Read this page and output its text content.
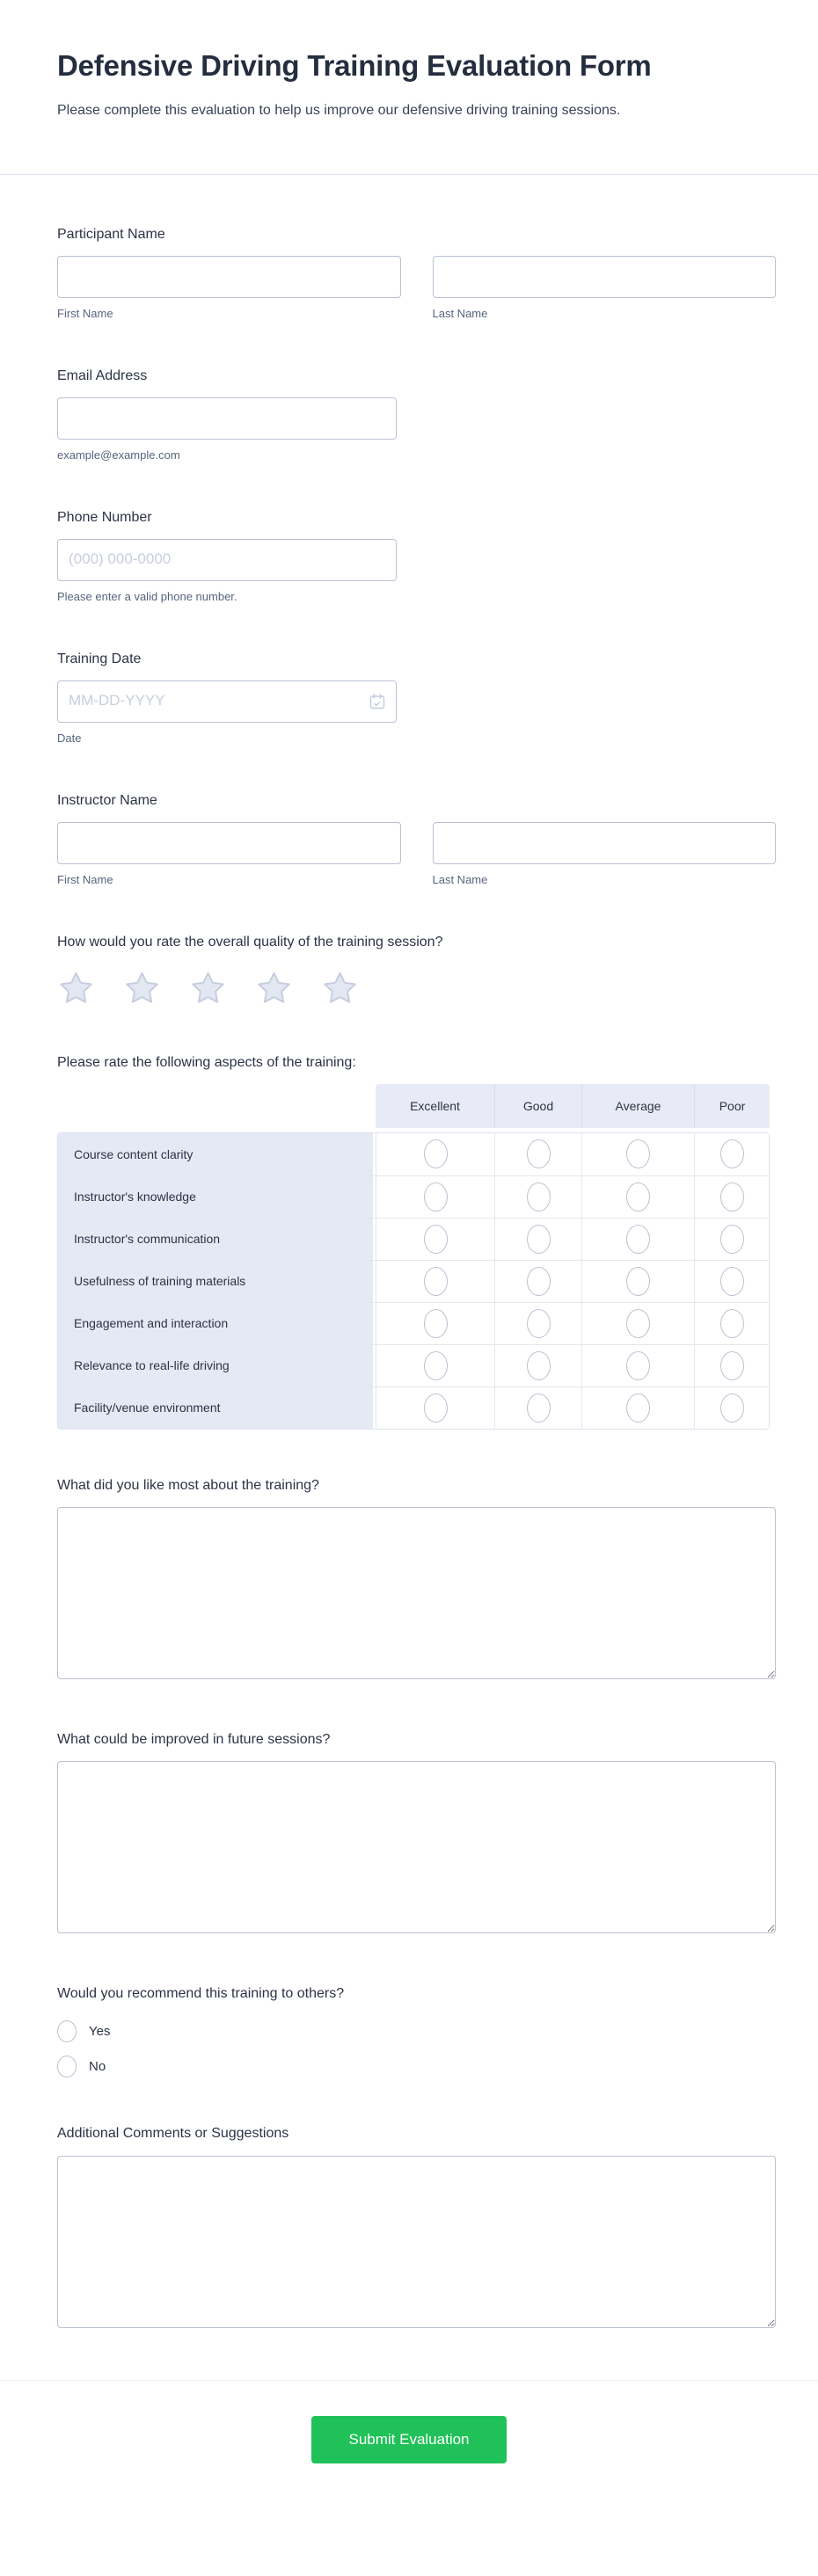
Defensive Driving Training Evaluation Form
Please complete this evaluation to help us improve our defensive driving training sessions.
Participant Name
First Name	Last Name
Email Address
example@example.com
Phone Number
(000) 000-0000
Please enter a valid phone number.
Training Date
MM-DD-YYYY
Date
Instructor Name
First Name	Last Name
How would you rate the overall quality of the training session?
Please rate the following aspects of the training:
Excellent	Good	Average	Poor
Course content clarity
Instructor's knowledge
Instructor's communication
Usefulness of training materials
Engagement and interaction
Relevance to real-life driving
Facility/venue environment
What did you like most about the training?
What could be improved in future sessions?
Would you recommend this training to others?
Yes
No
Additional Comments or Suggestions
Submit Evaluation
